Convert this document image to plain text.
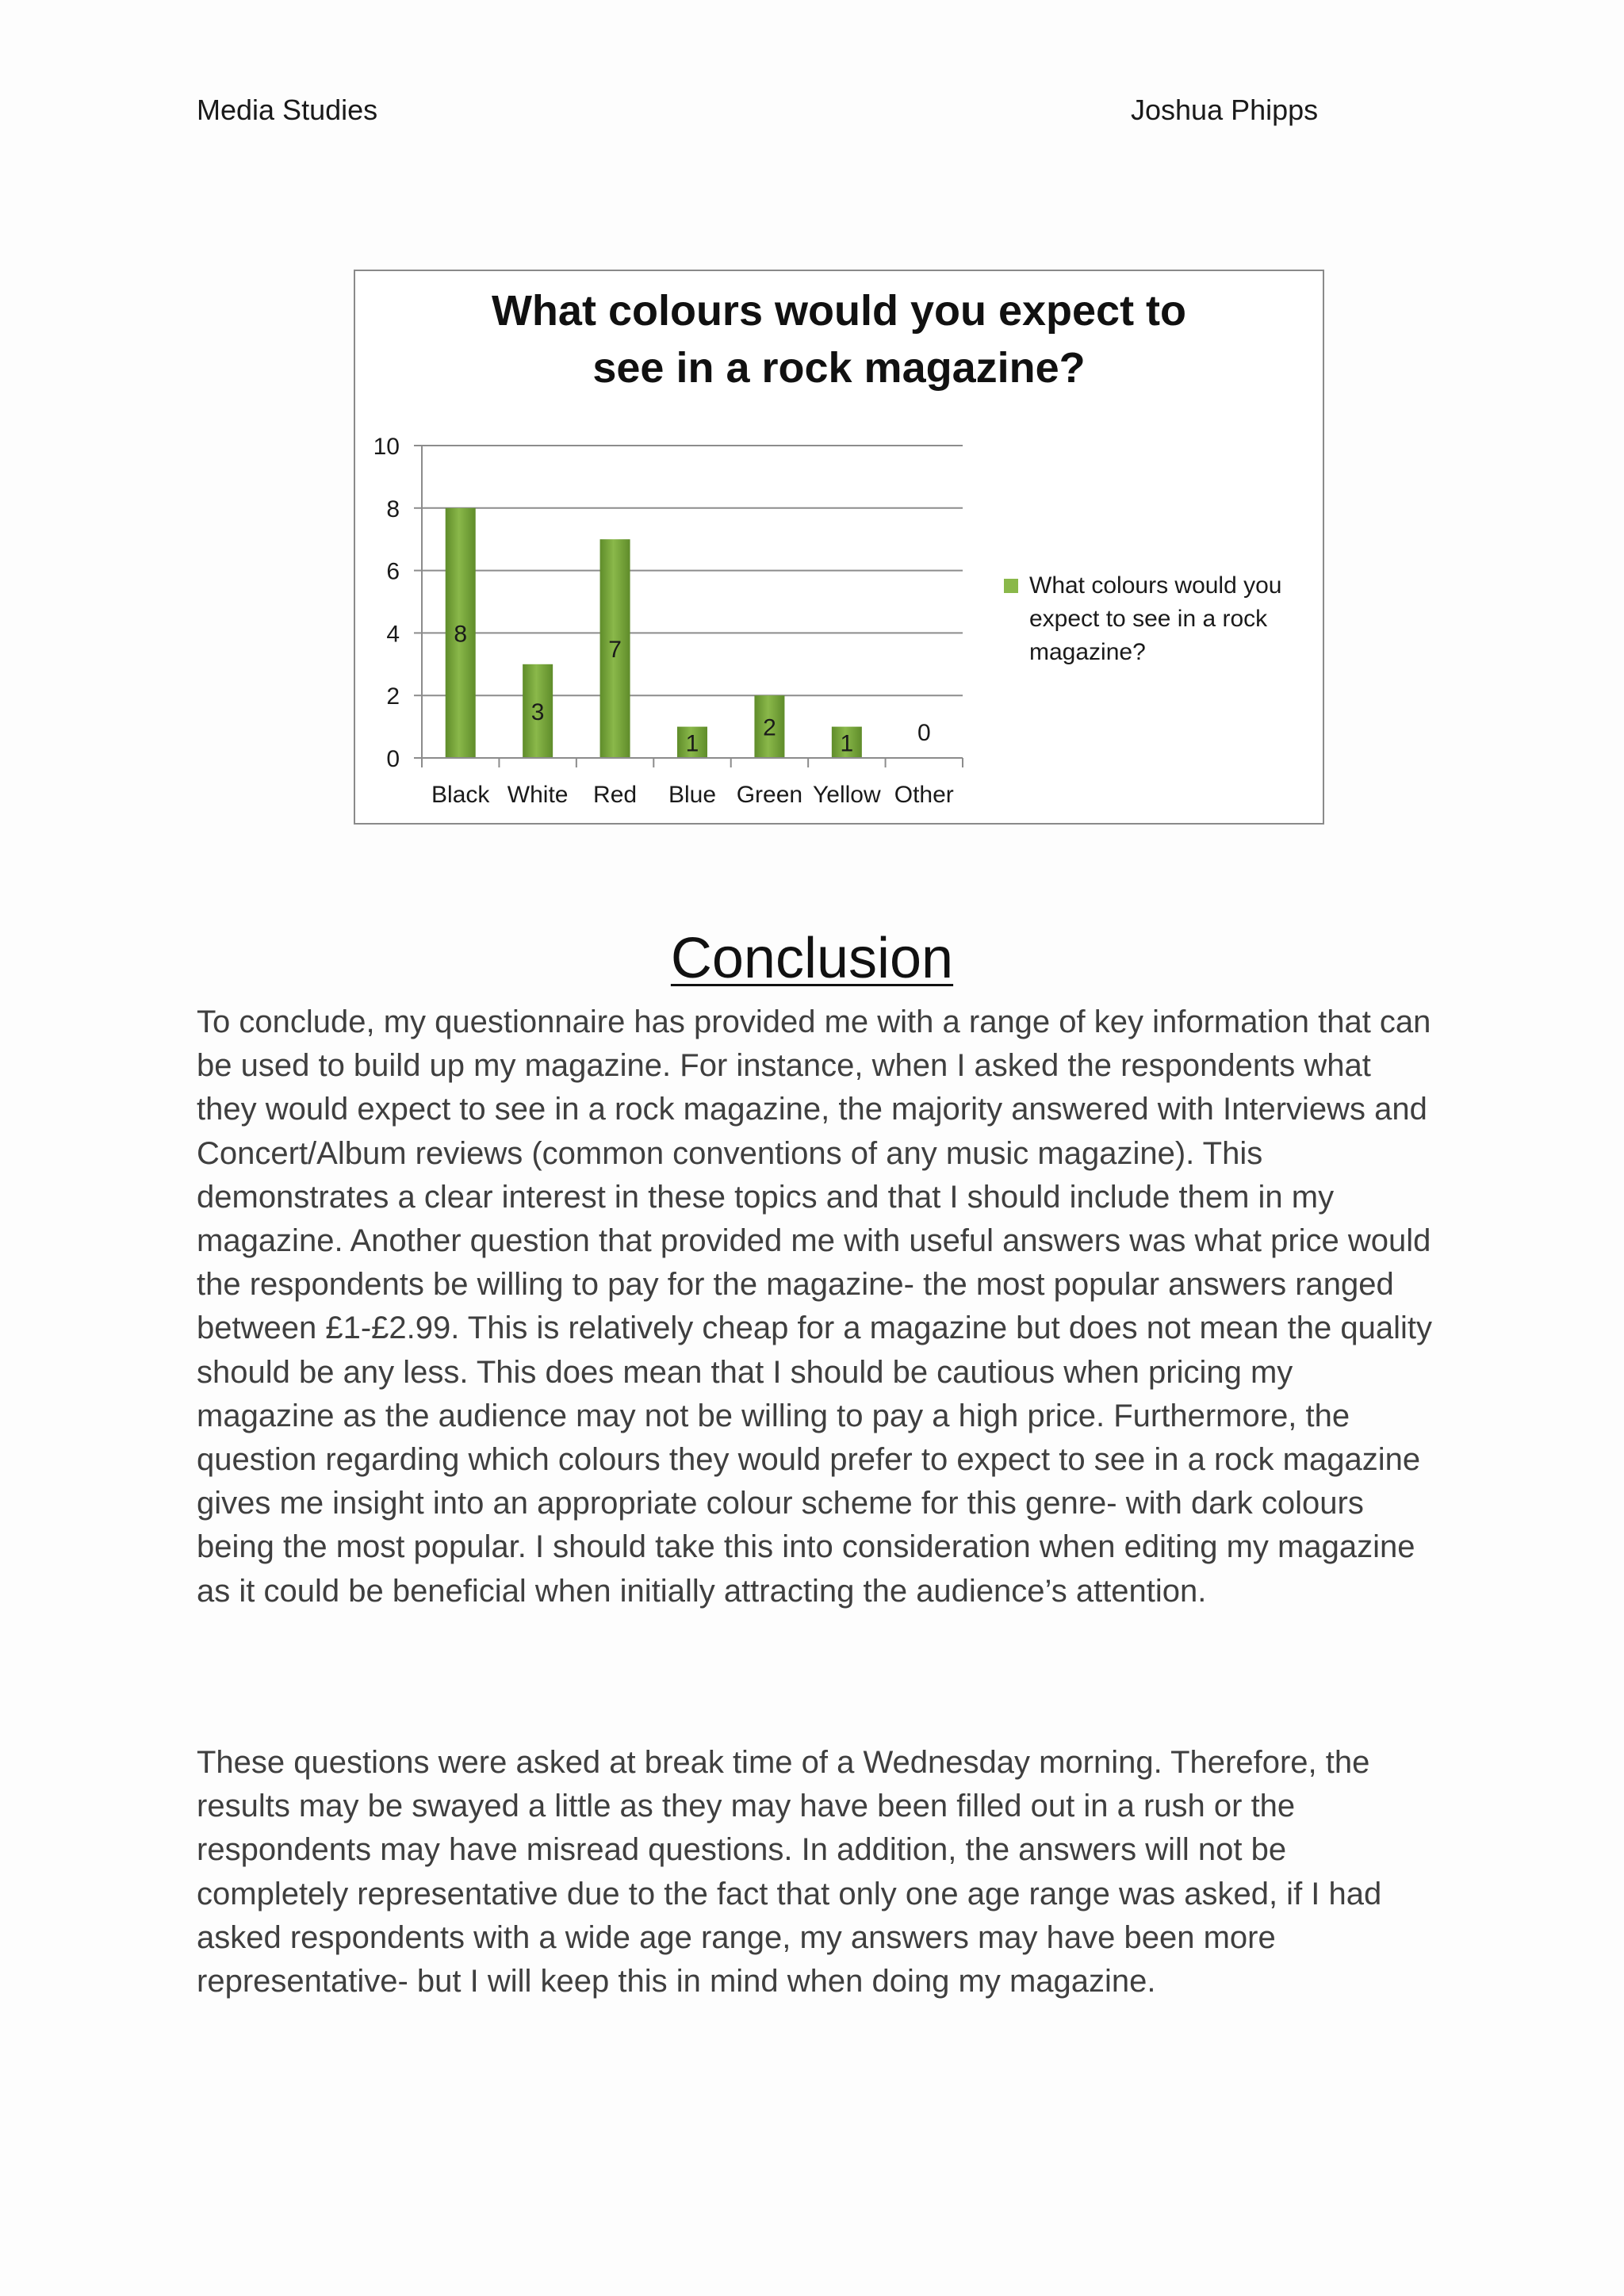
Media Studies	Joshua Phipps
What colours would you expect to
see in a rock magazine?
0
2
4
6
8
10
8
Black
3
White
7
Red
1
Blue
2
Green
1
Yellow
0
Other
What colours would you
expect to see in a rock
magazine?
Conclusion

To conclude, my questionnaire has provided me with a range of key information that can be used to build up my magazine. For instance, when I asked the respondents what they would expect to see in a rock magazine, the majority answered with Interviews and Concert/Album reviews (common conventions of any music magazine). This demonstrates a clear interest in these topics and that I should include them in my magazine. Another question that provided me with useful answers was what price would the respondents be willing to pay for the magazine- the most popular answers ranged between £1-£2.99. This is relatively cheap for a magazine but does not mean the quality should be any less. This does mean that I should be cautious when pricing my magazine as the audience may not be willing to pay a high price. Furthermore, the question regarding which colours they would prefer to expect to see in a rock magazine gives me insight into an appropriate colour scheme for this genre- with dark colours being the most popular. I should take this into consideration when editing my magazine as it could be beneficial when initially attracting the audience’s attention.

These questions were asked at break time of a Wednesday morning. Therefore, the results may be swayed a little as they may have been filled out in a rush or the respondents may have misread questions. In addition, the answers will not be completely representative due to the fact that only one age range was asked, if I had asked respondents with a wide age range, my answers may have been more representative- but I will keep this in mind when doing my magazine.
